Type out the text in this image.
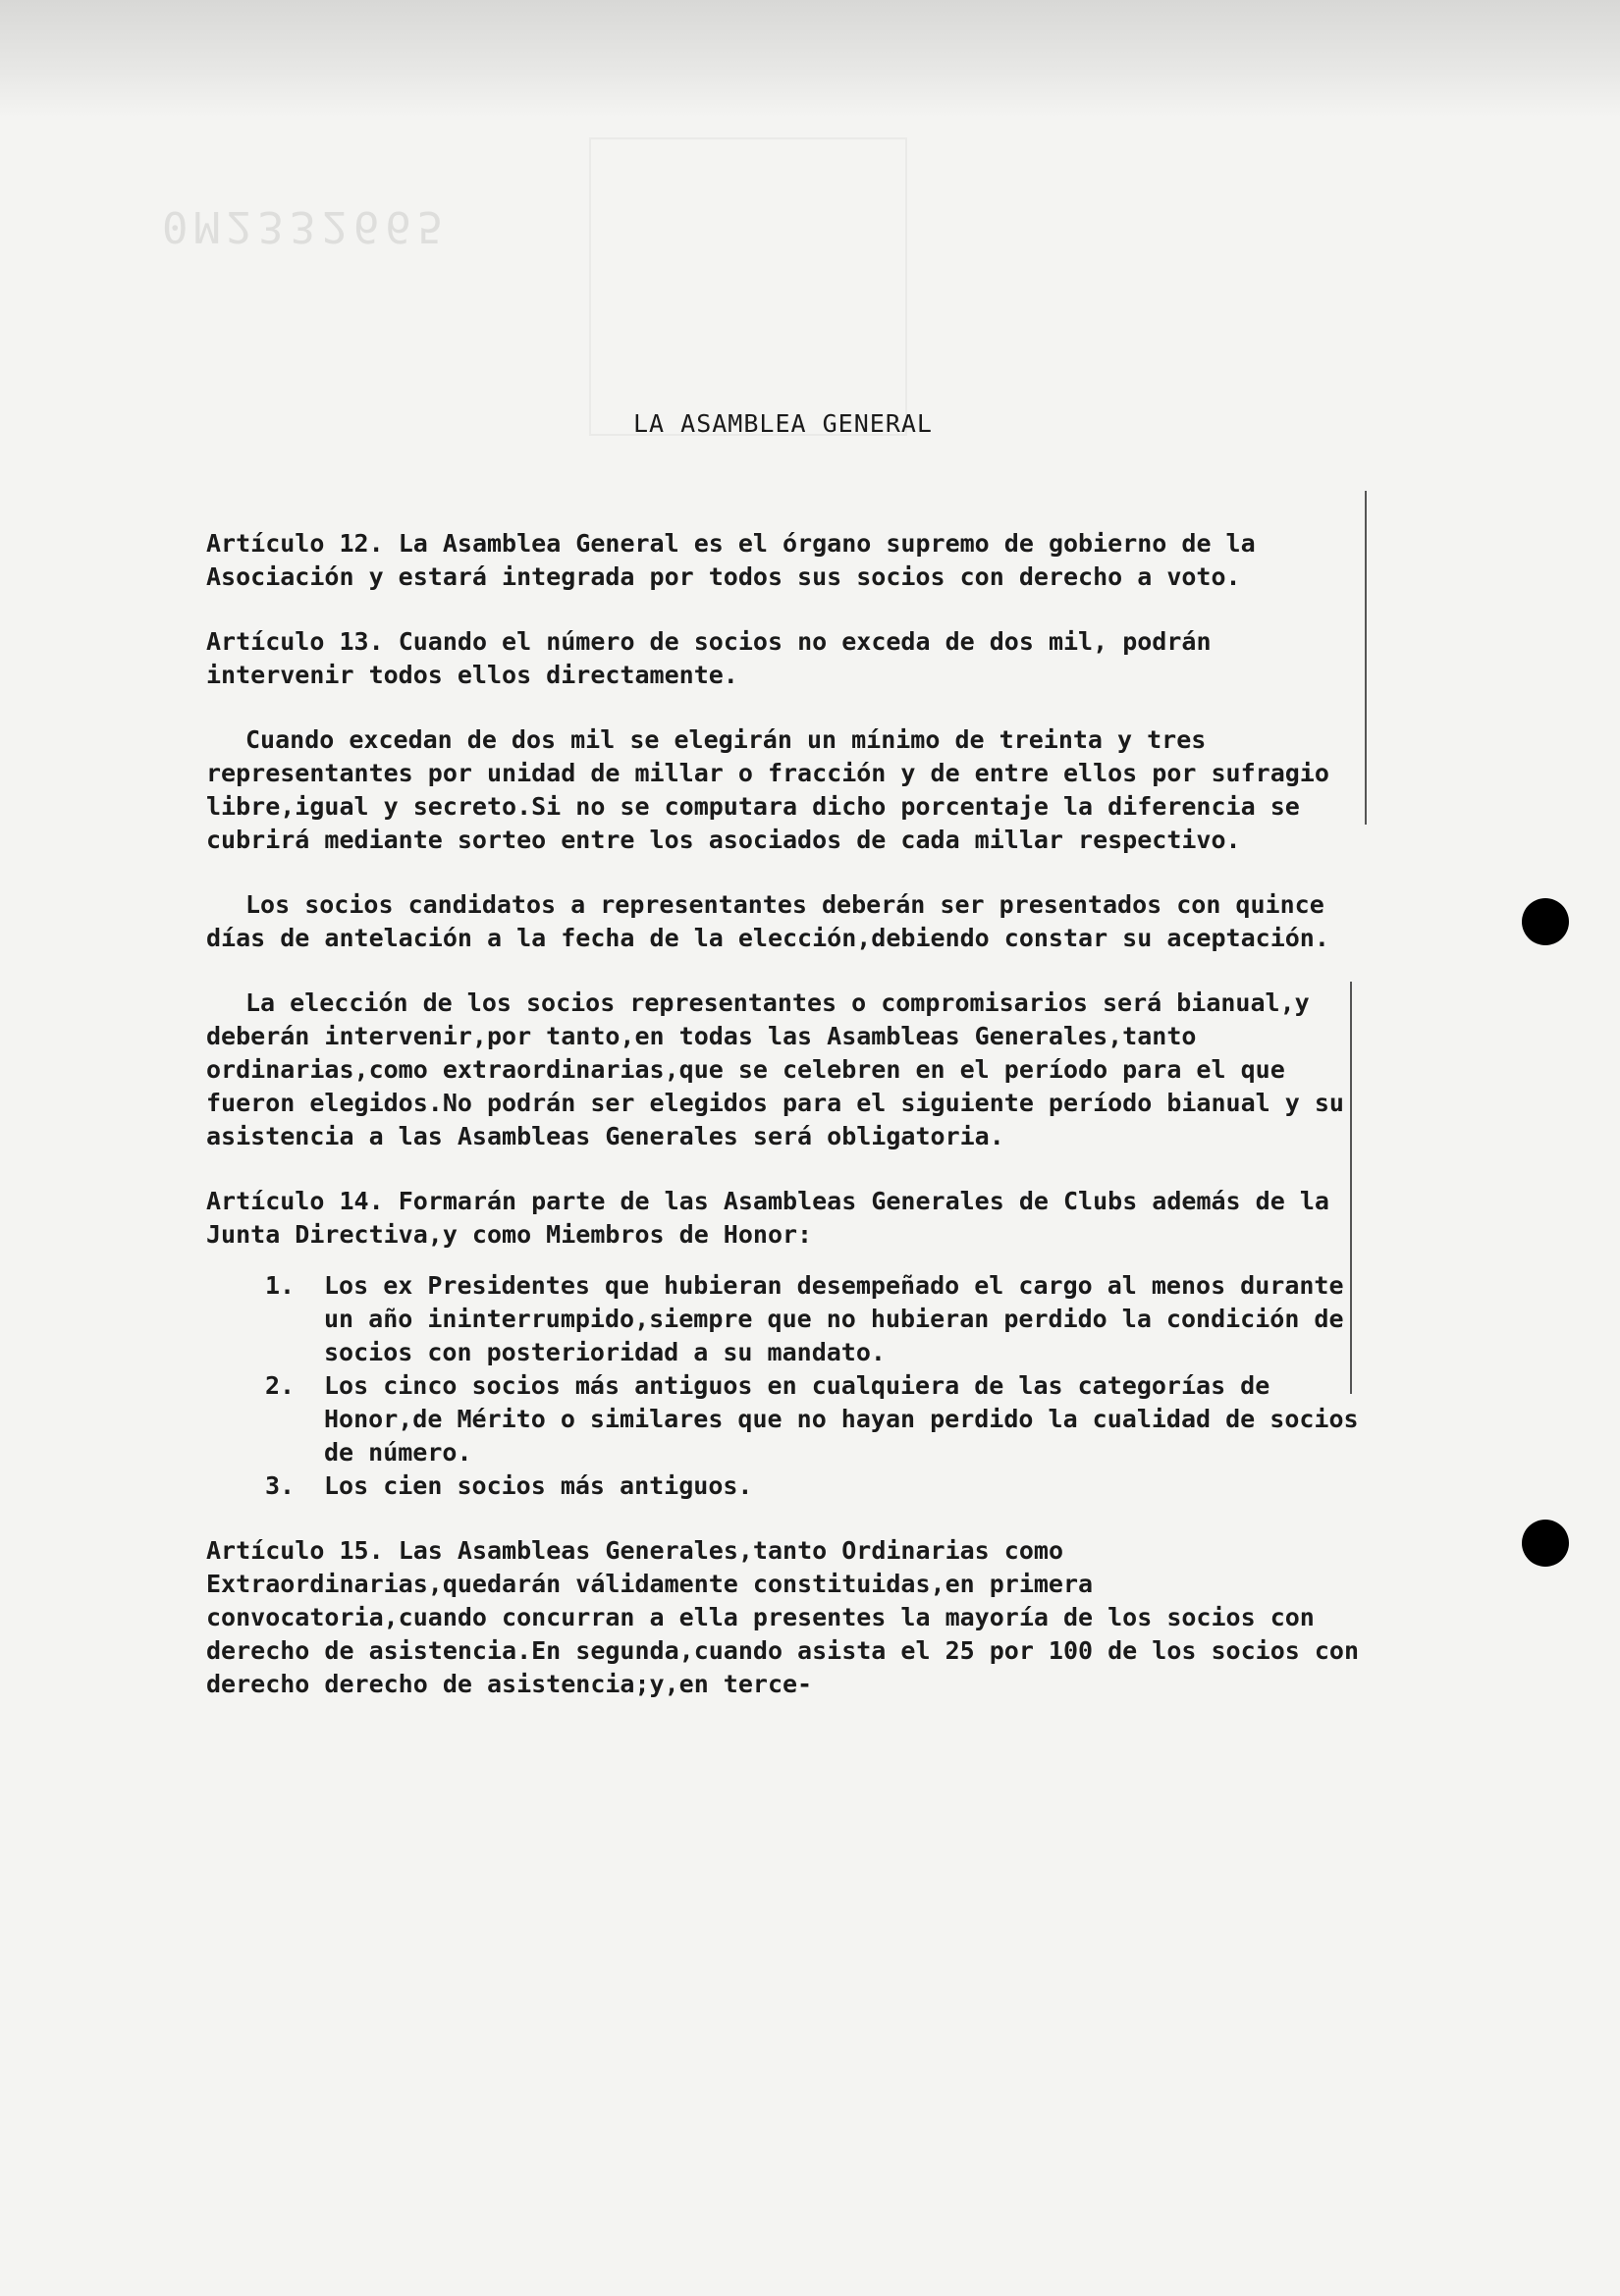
0M2332665
LA ASAMBLEA GENERAL
Artículo 12. La Asamblea General es el órgano supremo de gobierno de la Asociación y estará integrada por todos sus socios con derecho a voto.
Artículo 13. Cuando el número de socios no exceda de dos mil, podrán intervenir todos ellos directamente.
Cuando excedan de dos mil se elegirán un mínimo de treinta y tres representantes por unidad de millar o fracción y de entre ellos por sufragio libre,igual y secreto.Si no se computara dicho porcentaje la diferencia se cubrirá mediante sorteo entre los asociados de cada millar respectivo.
Los socios candidatos a representantes deberán ser presentados con quince días de antelación a la fecha de la elección,debiendo constar su aceptación.
La elección de los socios representantes o compromisarios será bianual,y deberán intervenir,por tanto,en todas las Asambleas Generales,tanto ordinarias,como extraordinarias,que se celebren en el período para el que fueron elegidos.No podrán ser elegidos para el siguiente período bianual y su asistencia a las Asambleas Generales será obligatoria.
Artículo 14. Formarán parte de las Asambleas Generales de Clubs además de la Junta Directiva,y como Miembros de Honor:
1.	Los ex Presidentes que hubieran desempeñado el cargo al menos durante un año ininterrumpido,siempre que no hubieran perdido la condición de socios con posterioridad a su mandato.
2.	Los cinco socios más antiguos en cualquiera de las categorías de Honor,de Mérito o similares que no hayan perdido la cualidad de socios de número.
3.	Los cien socios más antiguos.
Artículo 15. Las Asambleas Generales,tanto Ordinarias como Extraordinarias,quedarán válidamente constituidas,en primera convocatoria,cuando concurran a ella presentes la mayoría de los socios con derecho de asistencia.En segunda,cuando asista el 25 por 100 de los socios con derecho derecho de asistencia;y,en terce-
